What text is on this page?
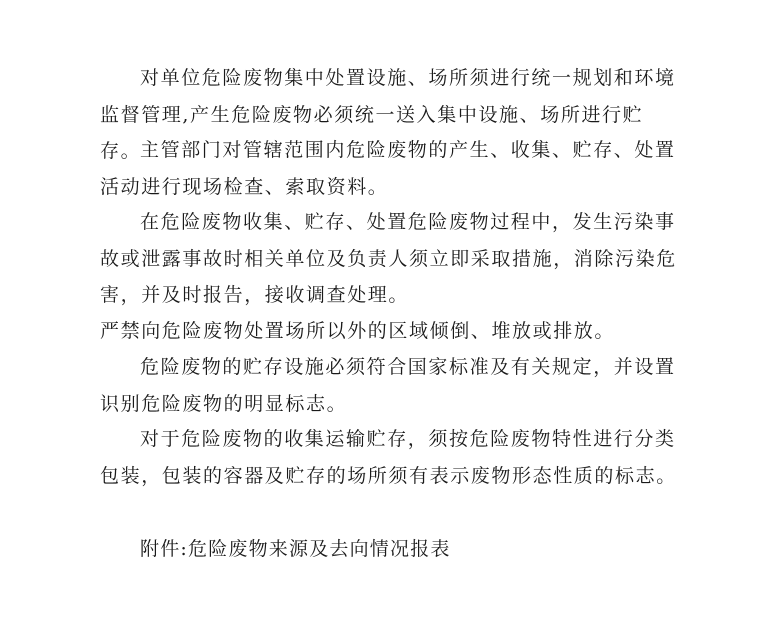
对单位危险废物集中处置设施、场所须进行统一规划和环境监督管理,产生危险废物必须统一送入集中设施、场所进行贮存。

主管部门对管辖范围内危险废物的产生、收集、贮存、处置活动进行现场检查、索取资料。

在危险废物收集、贮存、处置危险废物过程中，发生污染事故或泄露事故时相关单位及负责人须立即采取措施，消除污染危害，并及时报告，接收调查处理。

严禁向危险废物处置场所以外的区域倾倒、堆放或排放。

危险废物的贮存设施必须符合国家标准及有关规定，并设置识别危险废物的明显标志。

对于危险废物的收集运输贮存，须按危险废物特性进行分类包装，包装的容器及贮存的场所须有表示废物形态性质的标志。

附件:危险废物来源及去向情况报表
